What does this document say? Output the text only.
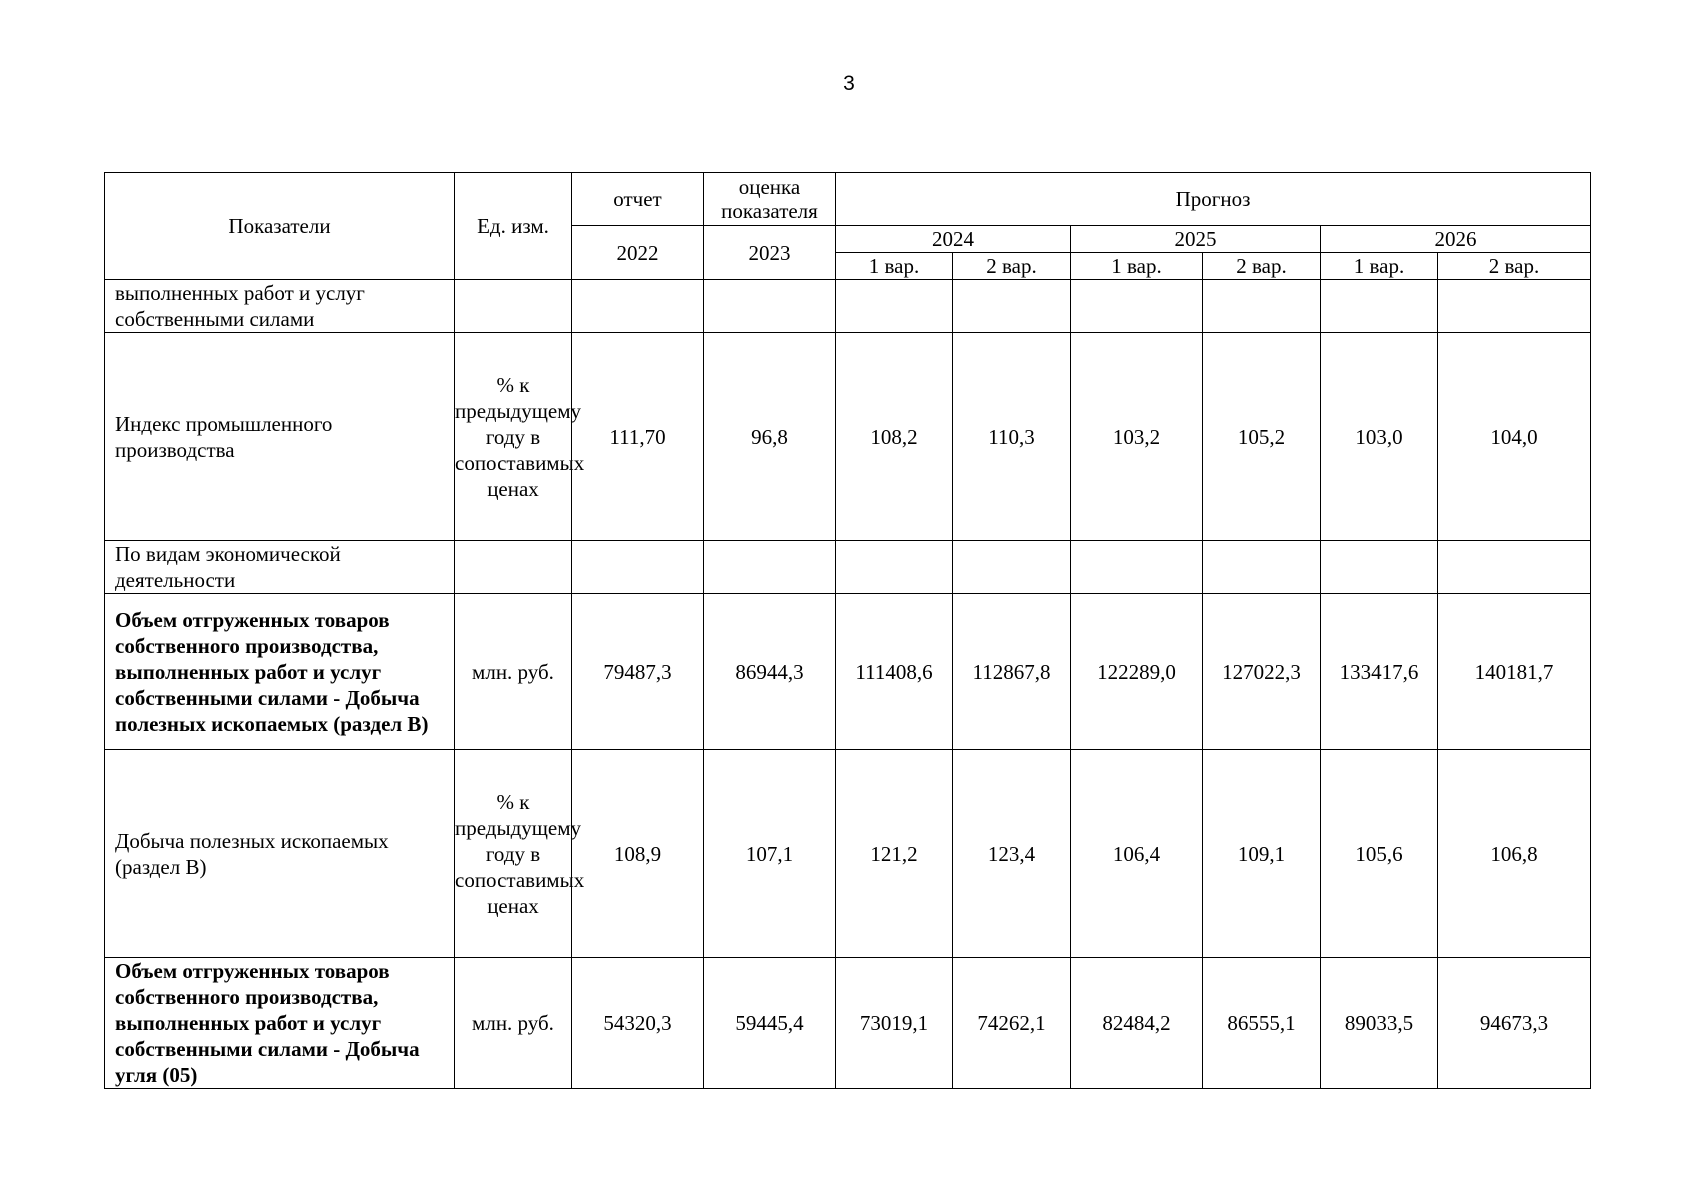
3
Показатели	Ед. изм.	отчет	оценка показателя	Прогноз					
		2022	2023	2024		2025		2026	
				1 вар.	2 вар.	1 вар.	2 вар.	1 вар.	2 вар.
выполненных работ и услуг собственными силами									
Индекс промышленного производства	% к предыдущему году в сопоставимых ценах	111,70	96,8	108,2	110,3	103,2	105,2	103,0	104,0
По видам экономической деятельности									
Объем отгруженных товаров собственного производства, выполненных работ и услуг собственными силами - Добыча полезных ископаемых (раздел B)	млн. руб.	79487,3	86944,3	111408,6	112867,8	122289,0	127022,3	133417,6	140181,7
Добыча полезных ископаемых (раздел B)	% к предыдущему году в сопоставимых ценах	108,9	107,1	121,2	123,4	106,4	109,1	105,6	106,8
Объем отгруженных товаров собственного производства, выполненных работ и услуг собственными силами - Добыча угля (05)	млн. руб.	54320,3	59445,4	73019,1	74262,1	82484,2	86555,1	89033,5	94673,3
